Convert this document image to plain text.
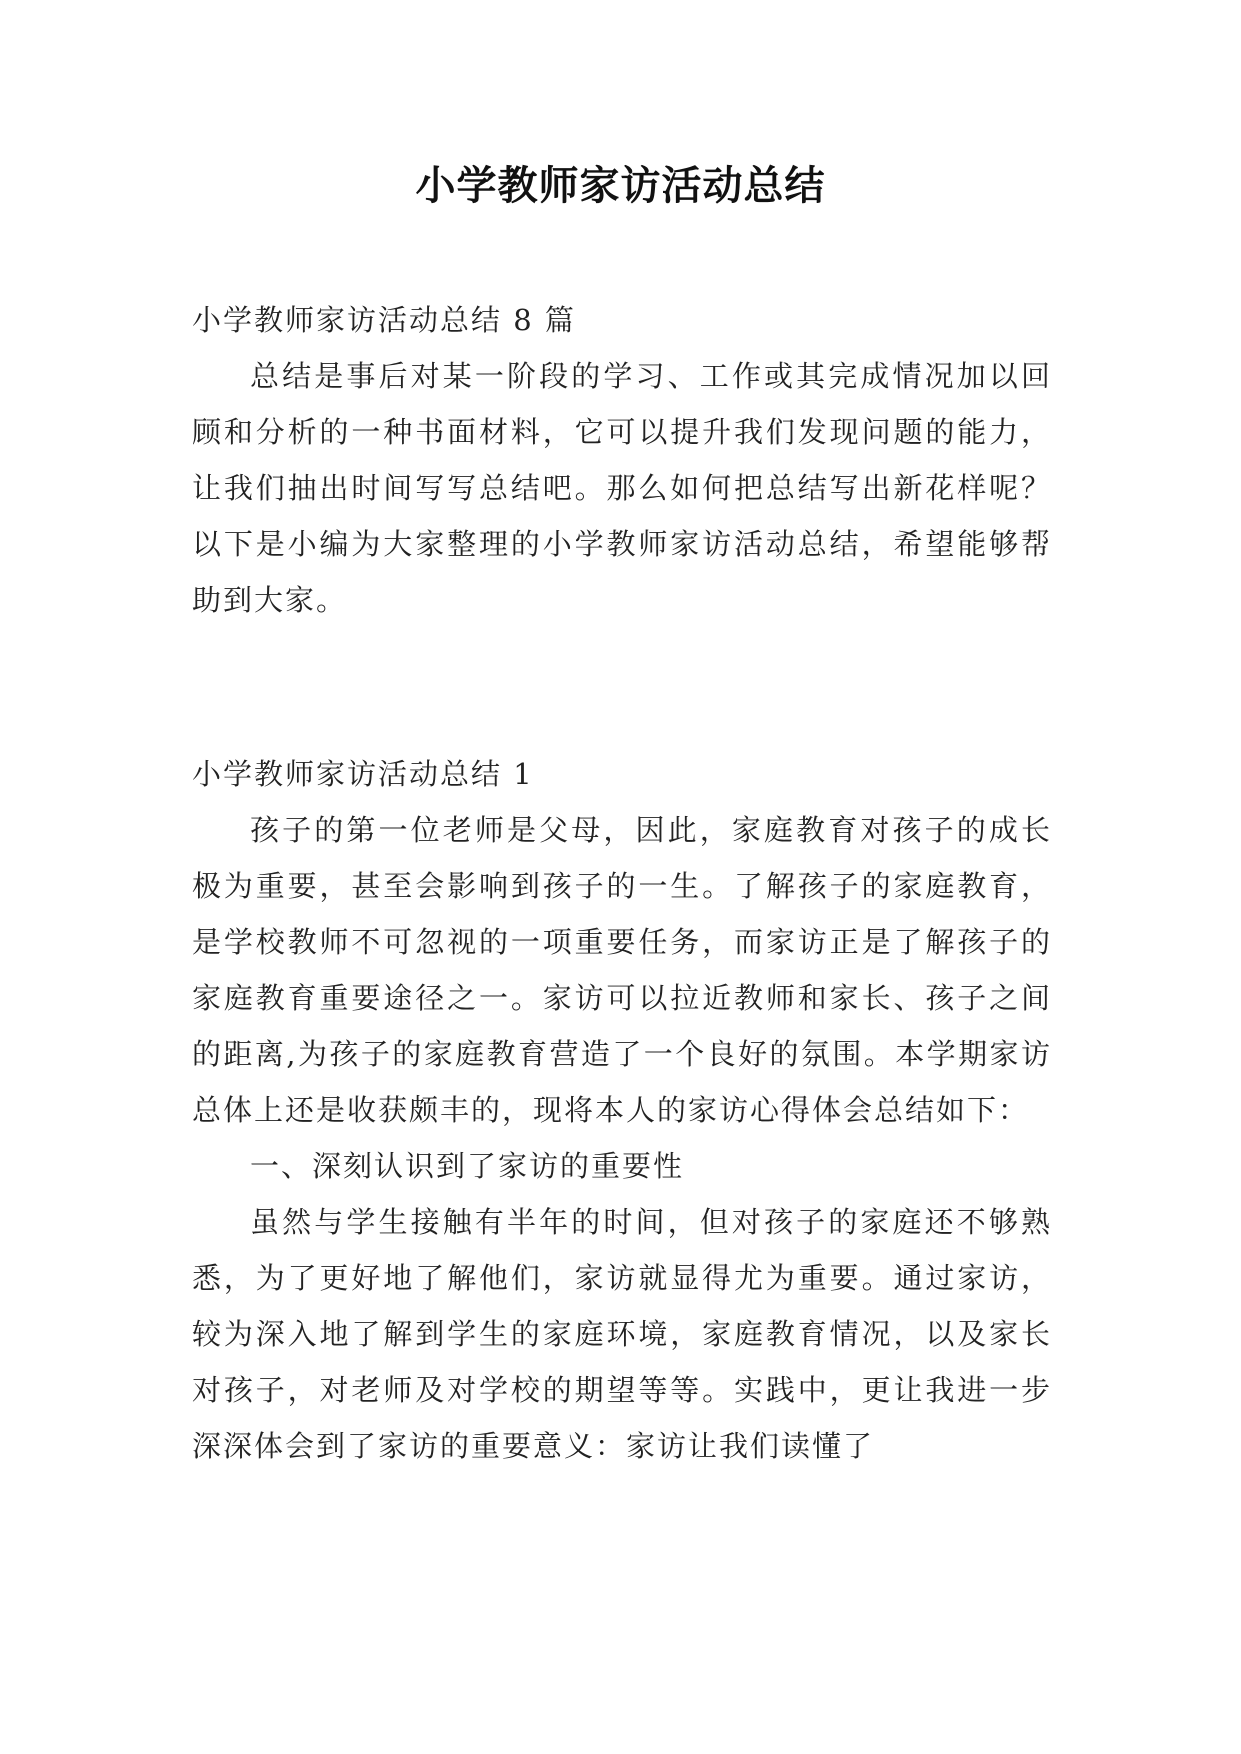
小学教师家访活动总结

小学教师家访活动总结 8 篇

总结是事后对某一阶段的学习、工作或其完成情况加以回顾和分析的一种书面材料，它可以提升我们发现问题的能力，让我们抽出时间写写总结吧。那么如何把总结写出新花样呢？以下是小编为大家整理的小学教师家访活动总结，希望能够帮助到大家。

小学教师家访活动总结 1

孩子的第一位老师是父母，因此，家庭教育对孩子的成长极为重要，甚至会影响到孩子的一生。了解孩子的家庭教育，是学校教师不可忽视的一项重要任务，而家访正是了解孩子的家庭教育重要途径之一。家访可以拉近教师和家长、孩子之间的距离,为孩子的家庭教育营造了一个良好的氛围。本学期家访总体上还是收获颇丰的，现将本人的家访心得体会总结如下：

一、深刻认识到了家访的重要性

虽然与学生接触有半年的时间，但对孩子的家庭还不够熟悉，为了更好地了解他们，家访就显得尤为重要。通过家访，较为深入地了解到学生的家庭环境，家庭教育情况，以及家长对孩子，对老师及对学校的期望等等。实践中，更让我进一步深深体会到了家访的重要意义：家访让我们读懂了
